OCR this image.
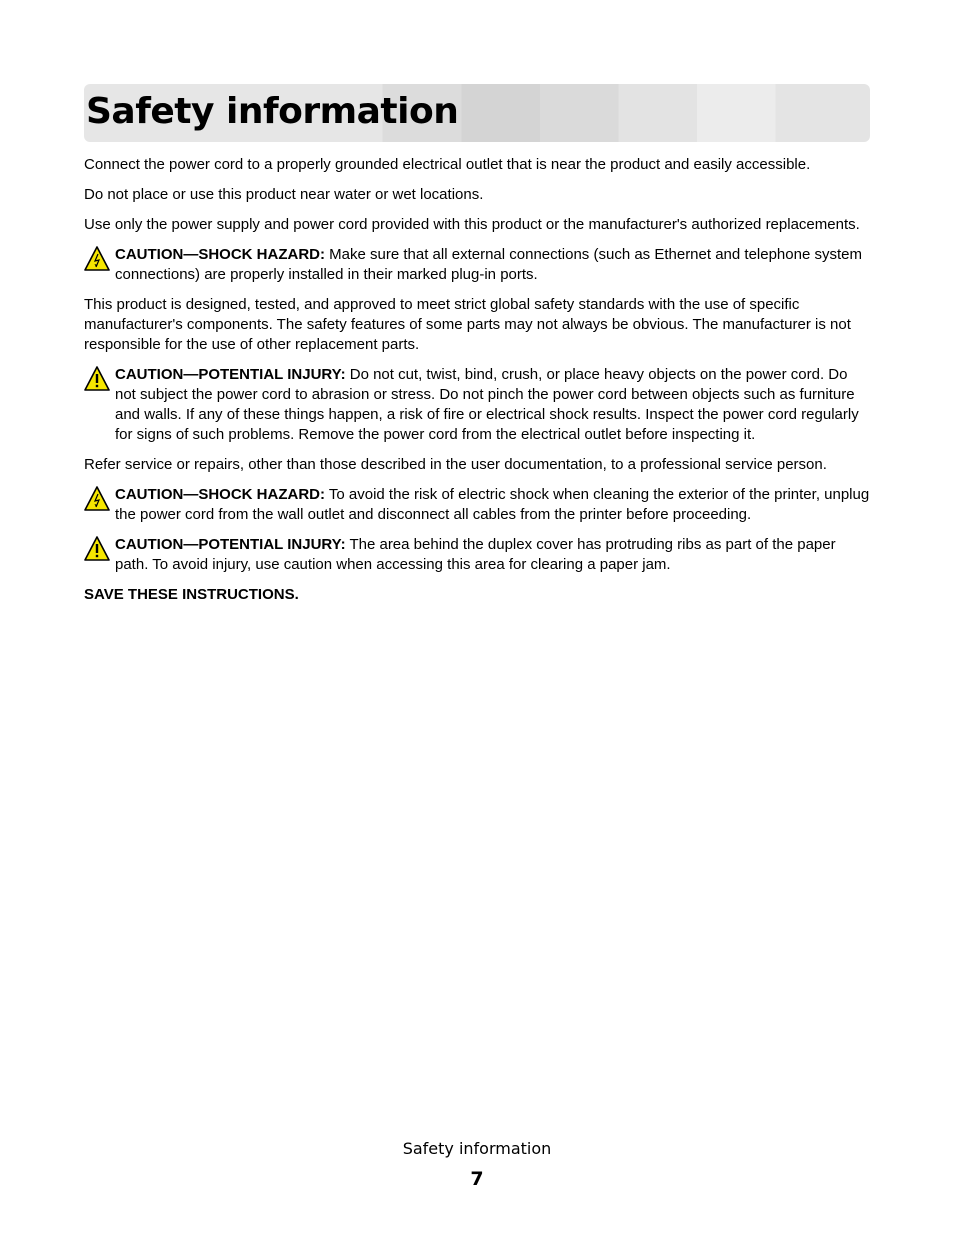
Safety information

Connect the power cord to a properly grounded electrical outlet that is near the product and easily accessible.

Do not place or use this product near water or wet locations.

Use only the power supply and power cord provided with this product or the manufacturer's authorized replacements.

CAUTION—SHOCK HAZARD: Make sure that all external connections (such as Ethernet and telephone system connections) are properly installed in their marked plug-in ports.

This product is designed, tested, and approved to meet strict global safety standards with the use of specific manufacturer's components. The safety features of some parts may not always be obvious. The manufacturer is not responsible for the use of other replacement parts.

CAUTION—POTENTIAL INJURY: Do not cut, twist, bind, crush, or place heavy objects on the power cord. Do not subject the power cord to abrasion or stress. Do not pinch the power cord between objects such as furniture and walls. If any of these things happen, a risk of fire or electrical shock results. Inspect the power cord regularly for signs of such problems. Remove the power cord from the electrical outlet before inspecting it.

Refer service or repairs, other than those described in the user documentation, to a professional service person.

CAUTION—SHOCK HAZARD: To avoid the risk of electric shock when cleaning the exterior of the printer, unplug the power cord from the wall outlet and disconnect all cables from the printer before proceeding.
CAUTION—POTENTIAL INJURY: The area behind the duplex cover has protruding ribs as part of the paper path. To avoid injury, use caution when accessing this area for clearing a paper jam.

SAVE THESE INSTRUCTIONS.

Safety information
7
